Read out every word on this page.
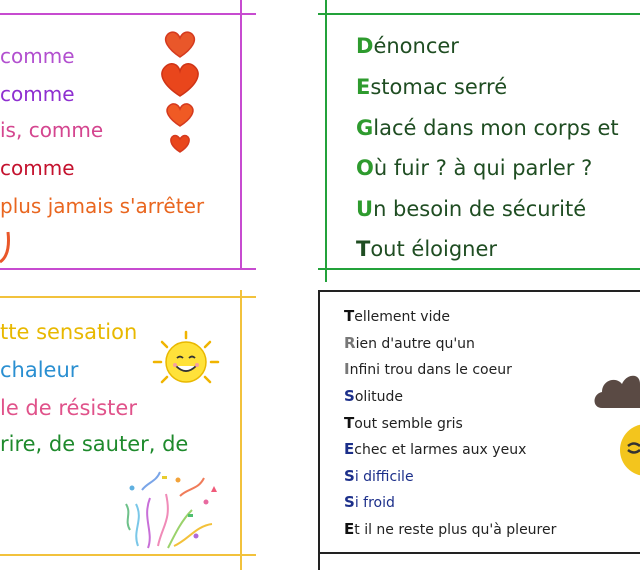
comme
comme
is, comme
comme
plus jamais s'arrêter
Dénoncer
Estomac serré
Glacé dans mon corps et
Où fuir ? à qui parler ?
Un besoin de sécurité
Tout éloigner
tte sensation
chaleur
le de résister
rire, de sauter, de
Tellement vide
Rien d'autre qu'un
Infini trou dans le coeur
Solitude
Tout semble gris
Echec et larmes aux yeux
Si difficile
Si froid
Et il ne reste plus qu'à pleurer
